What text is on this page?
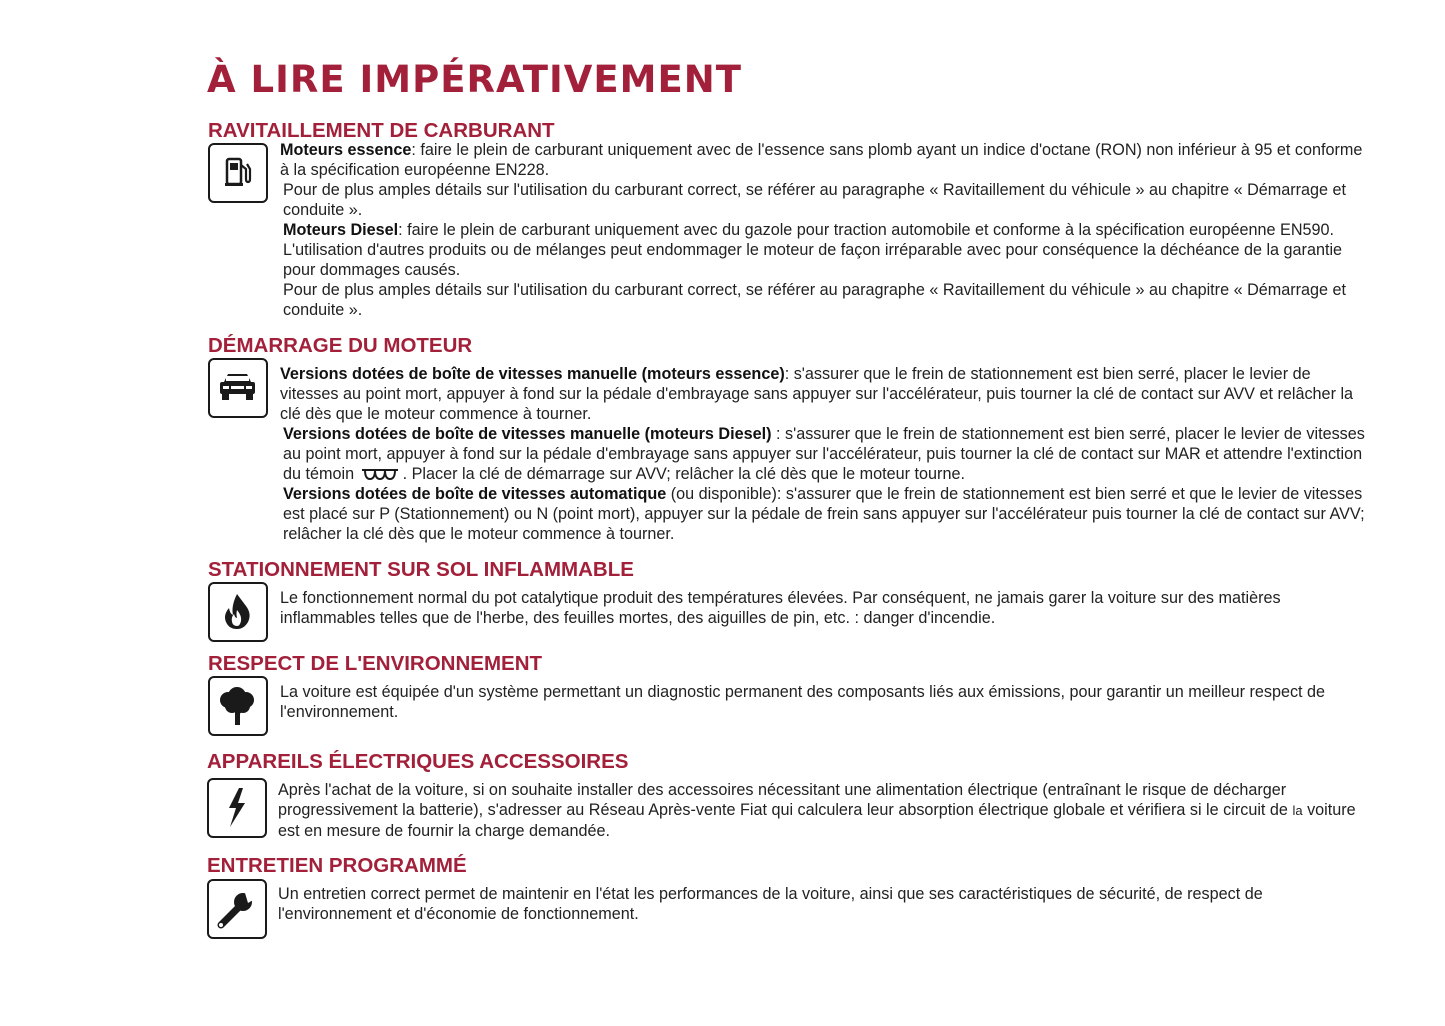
À LIRE IMPÉRATIVEMENT
RAVITAILLEMENT DE CARBURANT
Moteurs essence: faire le plein de carburant uniquement avec de l'essence sans plomb ayant un indice d'octane (RON) non inférieur à 95 et conforme à la spécification européenne EN228.
Pour de plus amples détails sur l'utilisation du carburant correct, se référer au paragraphe « Ravitaillement du véhicule » au chapitre « Démarrage et conduite ».
Moteurs Diesel: faire le plein de carburant uniquement avec du gazole pour traction automobile et conforme à la spécification européenne EN590. L'utilisation d'autres produits ou de mélanges peut endommager le moteur de façon irréparable avec pour conséquence la déchéance de la garantie pour dommages causés.
Pour de plus amples détails sur l'utilisation du carburant correct, se référer au paragraphe « Ravitaillement du véhicule » au chapitre « Démarrage et conduite ».
DÉMARRAGE DU MOTEUR
Versions dotées de boîte de vitesses manuelle (moteurs essence): s'assurer que le frein de stationnement est bien serré, placer le levier de vitesses au point mort, appuyer à fond sur la pédale d'embrayage sans appuyer sur l'accélérateur, puis tourner la clé de contact sur AVV et relâcher la clé dès que le moteur commence à tourner.
Versions dotées de boîte de vitesses manuelle (moteurs Diesel) : s'assurer que le frein de stationnement est bien serré, placer le levier de vitesses au point mort, appuyer à fond sur la pédale d'embrayage sans appuyer sur l'accélérateur, puis tourner la clé de contact sur MAR et attendre l'extinction du témoin	. Placer la clé de démarrage sur AVV; relâcher la clé dès que le moteur tourne.
Versions dotées de boîte de vitesses automatique (ou disponible): s'assurer que le frein de stationnement est bien serré et que le levier de vitesses est placé sur P (Stationnement) ou N (point mort), appuyer sur la pédale de frein sans appuyer sur l'accélérateur puis tourner la clé de contact sur AVV; relâcher la clé dès que le moteur commence à tourner.
STATIONNEMENT SUR SOL INFLAMMABLE
Le fonctionnement normal du pot catalytique produit des températures élevées. Par conséquent, ne jamais garer la voiture sur des matières inflammables telles que de l'herbe, des feuilles mortes, des aiguilles de pin, etc. : danger d'incendie.
RESPECT DE L'ENVIRONNEMENT
La voiture est équipée d'un système permettant un diagnostic permanent des composants liés aux émissions, pour garantir un meilleur respect de l'environnement.
APPAREILS ÉLECTRIQUES ACCESSOIRES
Après l'achat de la voiture, si on souhaite installer des accessoires nécessitant une alimentation électrique (entraînant le risque de décharger progressivement la batterie), s'adresser au Réseau Après-vente Fiat qui calculera leur absorption électrique globale et vérifiera si le circuit de la voiture est en mesure de fournir la charge demandée.
ENTRETIEN PROGRAMMÉ
Un entretien correct permet de maintenir en l'état les performances de la voiture, ainsi que ses caractéristiques de sécurité, de respect de l'environnement et d'économie de fonctionnement.
